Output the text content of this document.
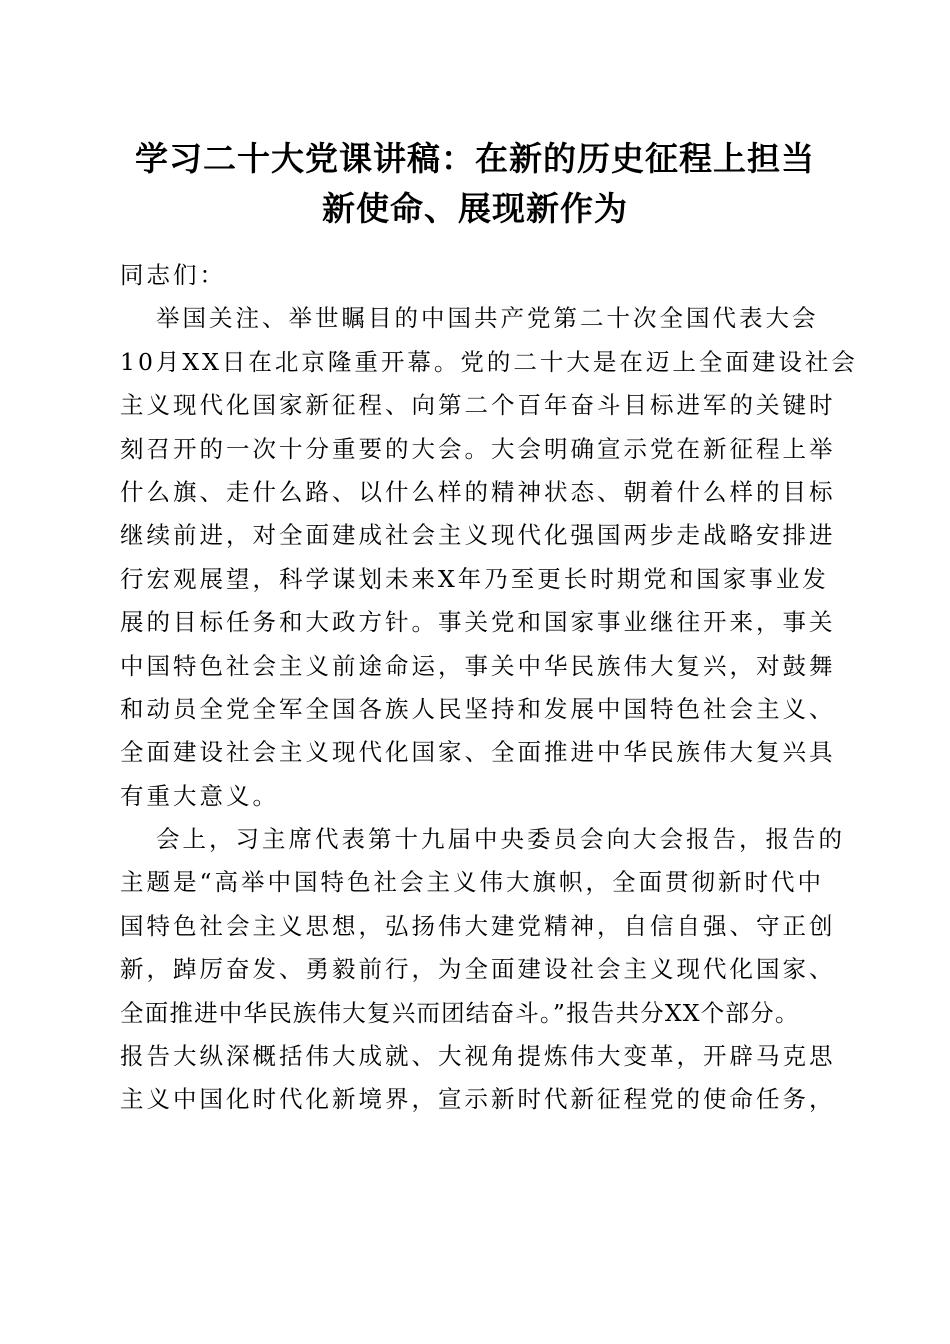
学习二十大党课讲稿：在新的历史征程上担当
新使命、展现新作为
同志们：
举国关注、举世瞩目的中国共产党第二十次全国代表大会
10月XX日在北京隆重开幕。党的二十大是在迈上全面建设社会
主义现代化国家新征程、向第二个百年奋斗目标进军的关键时
刻召开的一次十分重要的大会。大会明确宣示党在新征程上举
什么旗、走什么路、以什么样的精神状态、朝着什么样的目标
继续前进，对全面建成社会主义现代化强国两步走战略安排进
行宏观展望，科学谋划未来X年乃至更长时期党和国家事业发
展的目标任务和大政方针。事关党和国家事业继往开来，事关
中国特色社会主义前途命运，事关中华民族伟大复兴，对鼓舞
和动员全党全军全国各族人民坚持和发展中国特色社会主义、
全面建设社会主义现代化国家、全面推进中华民族伟大复兴具
有重大意义。
会上，习主席代表第十九届中央委员会向大会报告，报告的
主题是“高举中国特色社会主义伟大旗帜，全面贯彻新时代中
国特色社会主义思想，弘扬伟大建党精神，自信自强、守正创
新，踔厉奋发、勇毅前行，为全面建设社会主义现代化国家、
全面推进中华民族伟大复兴而团结奋斗。”报告共分XX个部分。
报告大纵深概括伟大成就、大视角提炼伟大变革，开辟马克思
主义中国化时代化新境界，宣示新时代新征程党的使命任务，
